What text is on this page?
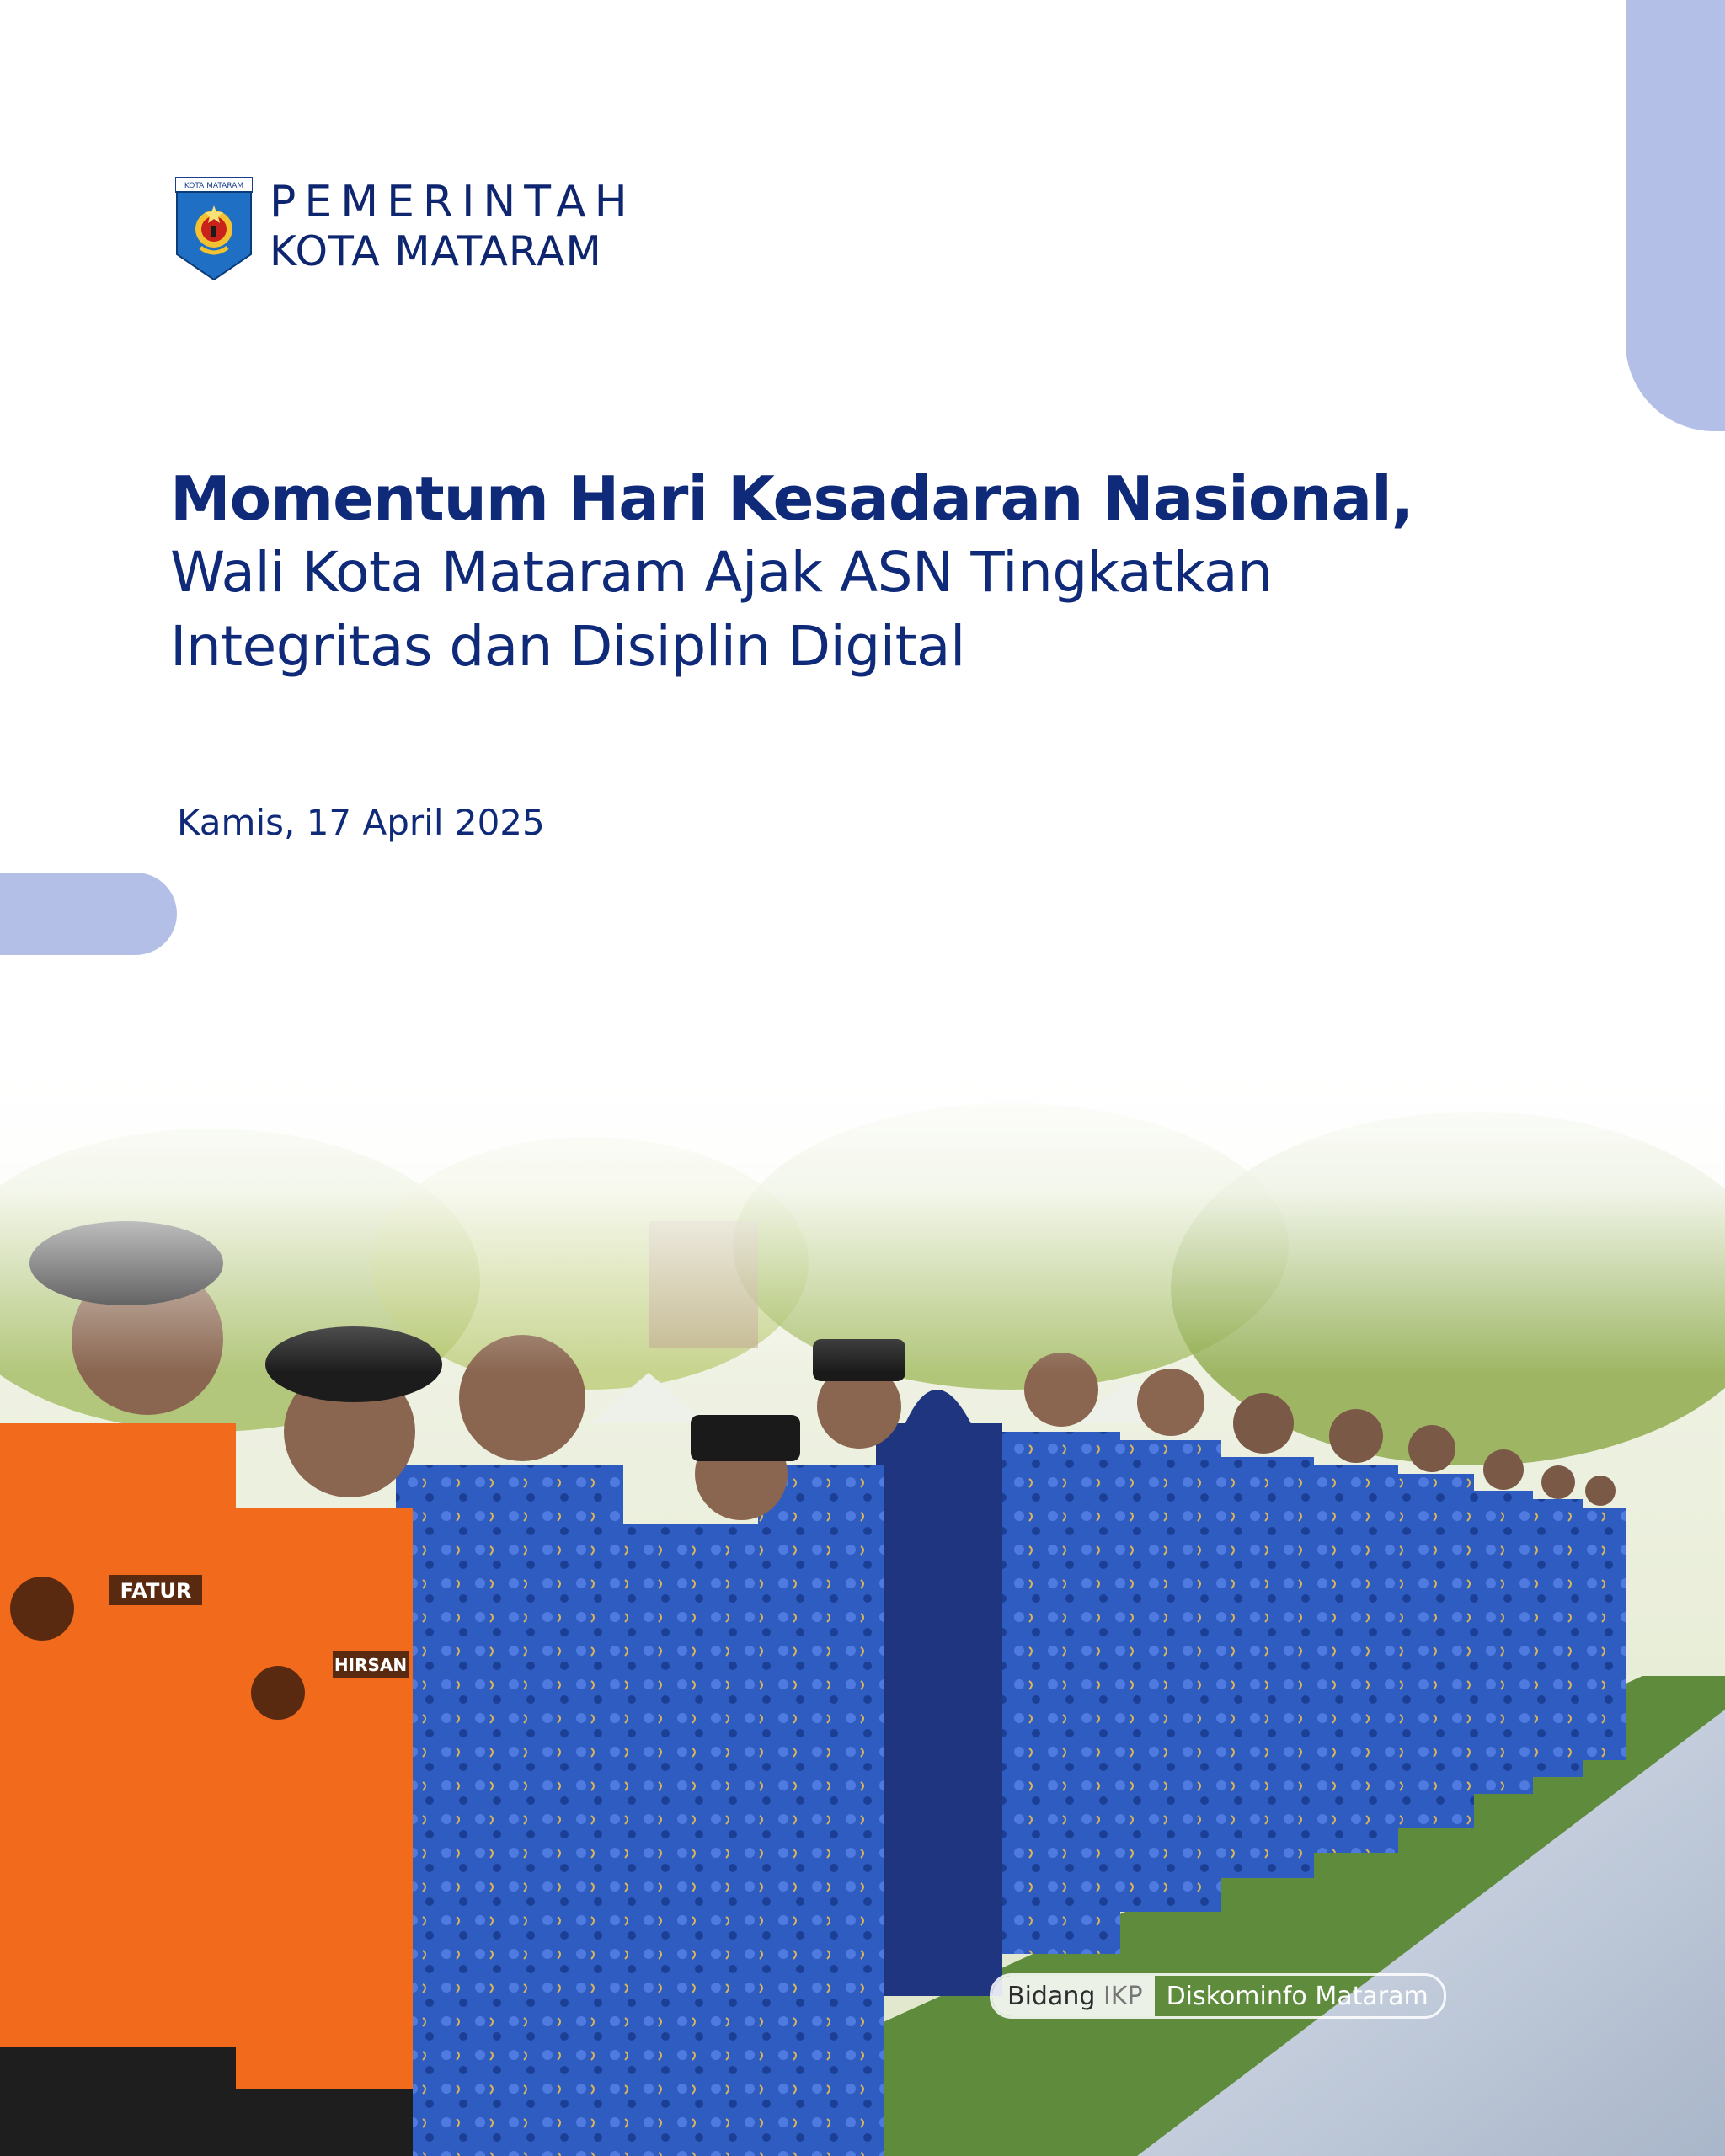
KOTA MATARAM PEMERINTAH
KOTA MATARAM
Momentum Hari Kesadaran Nasional,
Wali Kota Mataram Ajak ASN Tingkatkan
Integritas dan Disiplin Digital
Kamis, 17 April 2025
FATUR
HIRSAN
Bidang
IKP Diskominfo Mataram
